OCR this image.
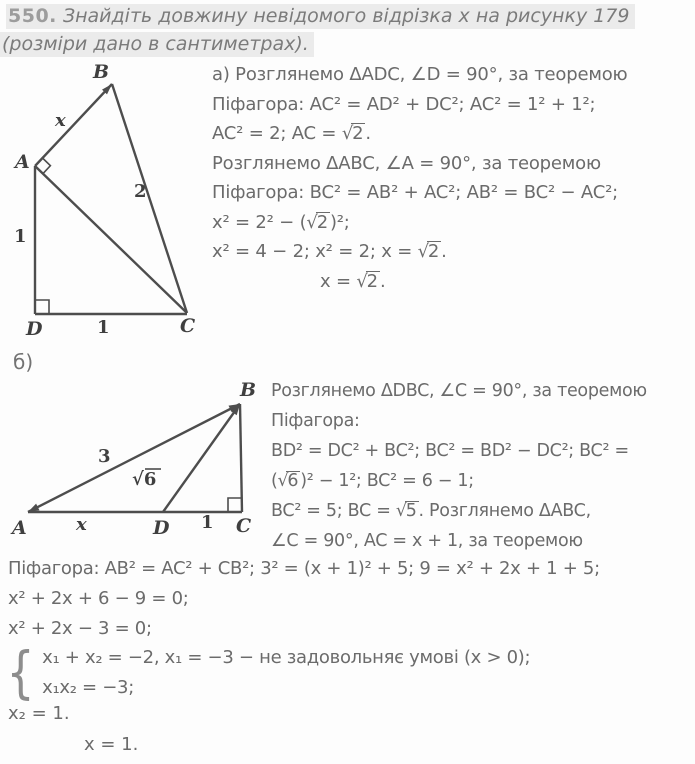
550. Знайдіть довжину невідомого відрізка x на рисунку 179
(розміри дано в сантиметрах).
B
A
D	C
x
2
1
1
а) Розглянемо ΔADC, ∠D = 90°, за теоремою
Піфагора: AC² = AD² + DC²; AC² = 1² + 1²;
AC² = 2; AC = √2 .
Розглянемо ΔABC, ∠A = 90°, за теоремою
Піфагора: BC² = AB² + AC²; AB² = BC² − AC²;
x² = 2² − (√2 )²;
x² = 4 − 2; x² = 2; x = √2 .
x = √2 .
б)
B
A	D	C
3
√6
x	1
Розглянемо ΔDBC, ∠C = 90°, за теоремою
Піфагора:
BD² = DC² + BC²; BC² = BD² − DC²; BC² =
(√6 )² − 1²; BC² = 6 − 1;
BC² = 5; BC = √5 . Розглянемо ΔABC,
∠C = 90°, AC = x + 1, за теоремою
Піфагора: AB² = AC² + CB²; 3² = (x + 1)² + 5; 9 = x² + 2x + 1 + 5;
x² + 2x + 6 − 9 = 0;
x² + 2x − 3 = 0;
{ x₁ + x₂ = −2, x₁ = −3 − не задовольняє умові (x > 0);
x₁x₂ = −3;
x₂ = 1.
x = 1.
